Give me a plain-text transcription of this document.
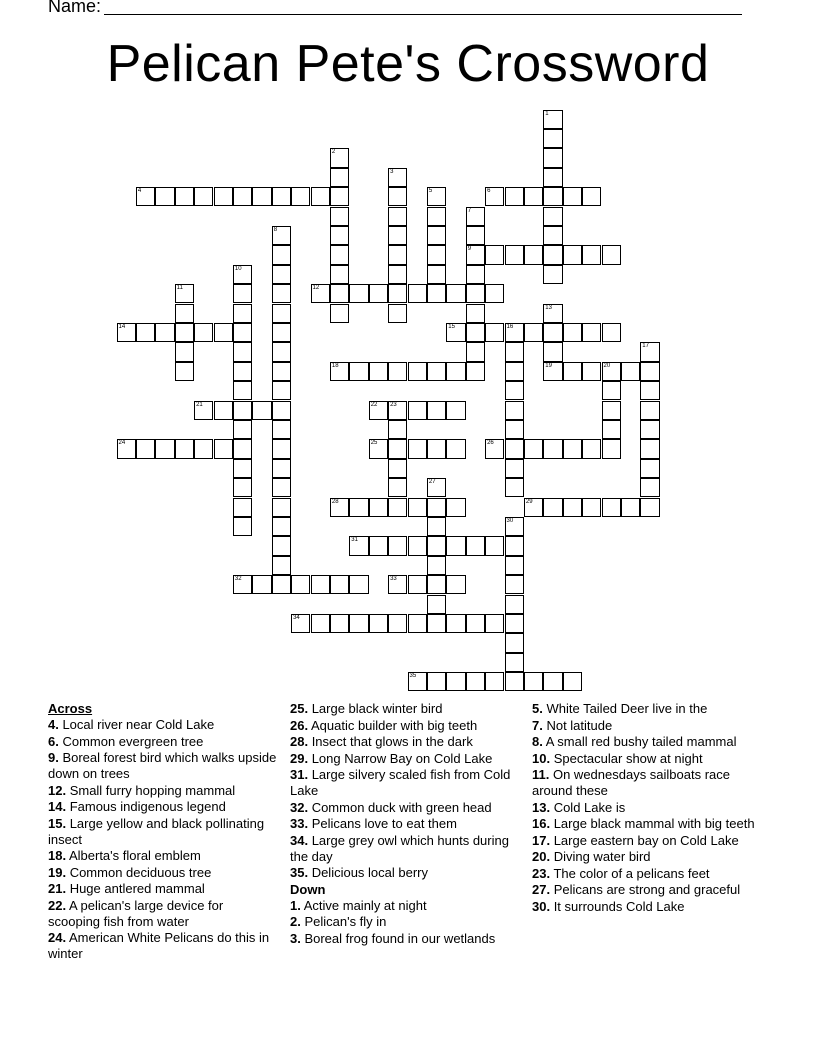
Name:
Pelican Pete's Crossword
1
2
3
4	5	6
7
9
8
10
11	12
13
14	15	16
17
18	19	20
21	22 23
24	25	26
27
28	29
30
31
32	33
34
35
Across
4. Local river near Cold Lake
6. Common evergreen tree
9. Boreal forest bird which walks upside down on trees
12. Small furry hopping mammal
14. Famous indigenous legend
15. Large yellow and black pollinating insect
18. Alberta's floral emblem
19. Common deciduous tree
21. Huge antlered mammal
22. A pelican's large device for scooping fish from water
24. American White Pelicans do this in winter
25. Large black winter bird
26. Aquatic builder with big teeth
28. Insect that glows in the dark
29. Long Narrow Bay on Cold Lake
31. Large silvery scaled fish from Cold Lake
32. Common duck with green head
33. Pelicans love to eat them
34. Large grey owl which hunts during the day
35. Delicious local berry
Down
1. Active mainly at night
2. Pelican's fly in
3. Boreal frog found in our wetlands
5. White Tailed Deer live in the
7. Not latitude
8. A small red bushy tailed mammal
10. Spectacular show at night
11. On wednesdays sailboats race around these
13. Cold Lake is
16. Large black mammal with big teeth
17. Large eastern bay on Cold Lake
20. Diving water bird
23. The color of a pelicans feet
27. Pelicans are strong and graceful
30. It surrounds Cold Lake
